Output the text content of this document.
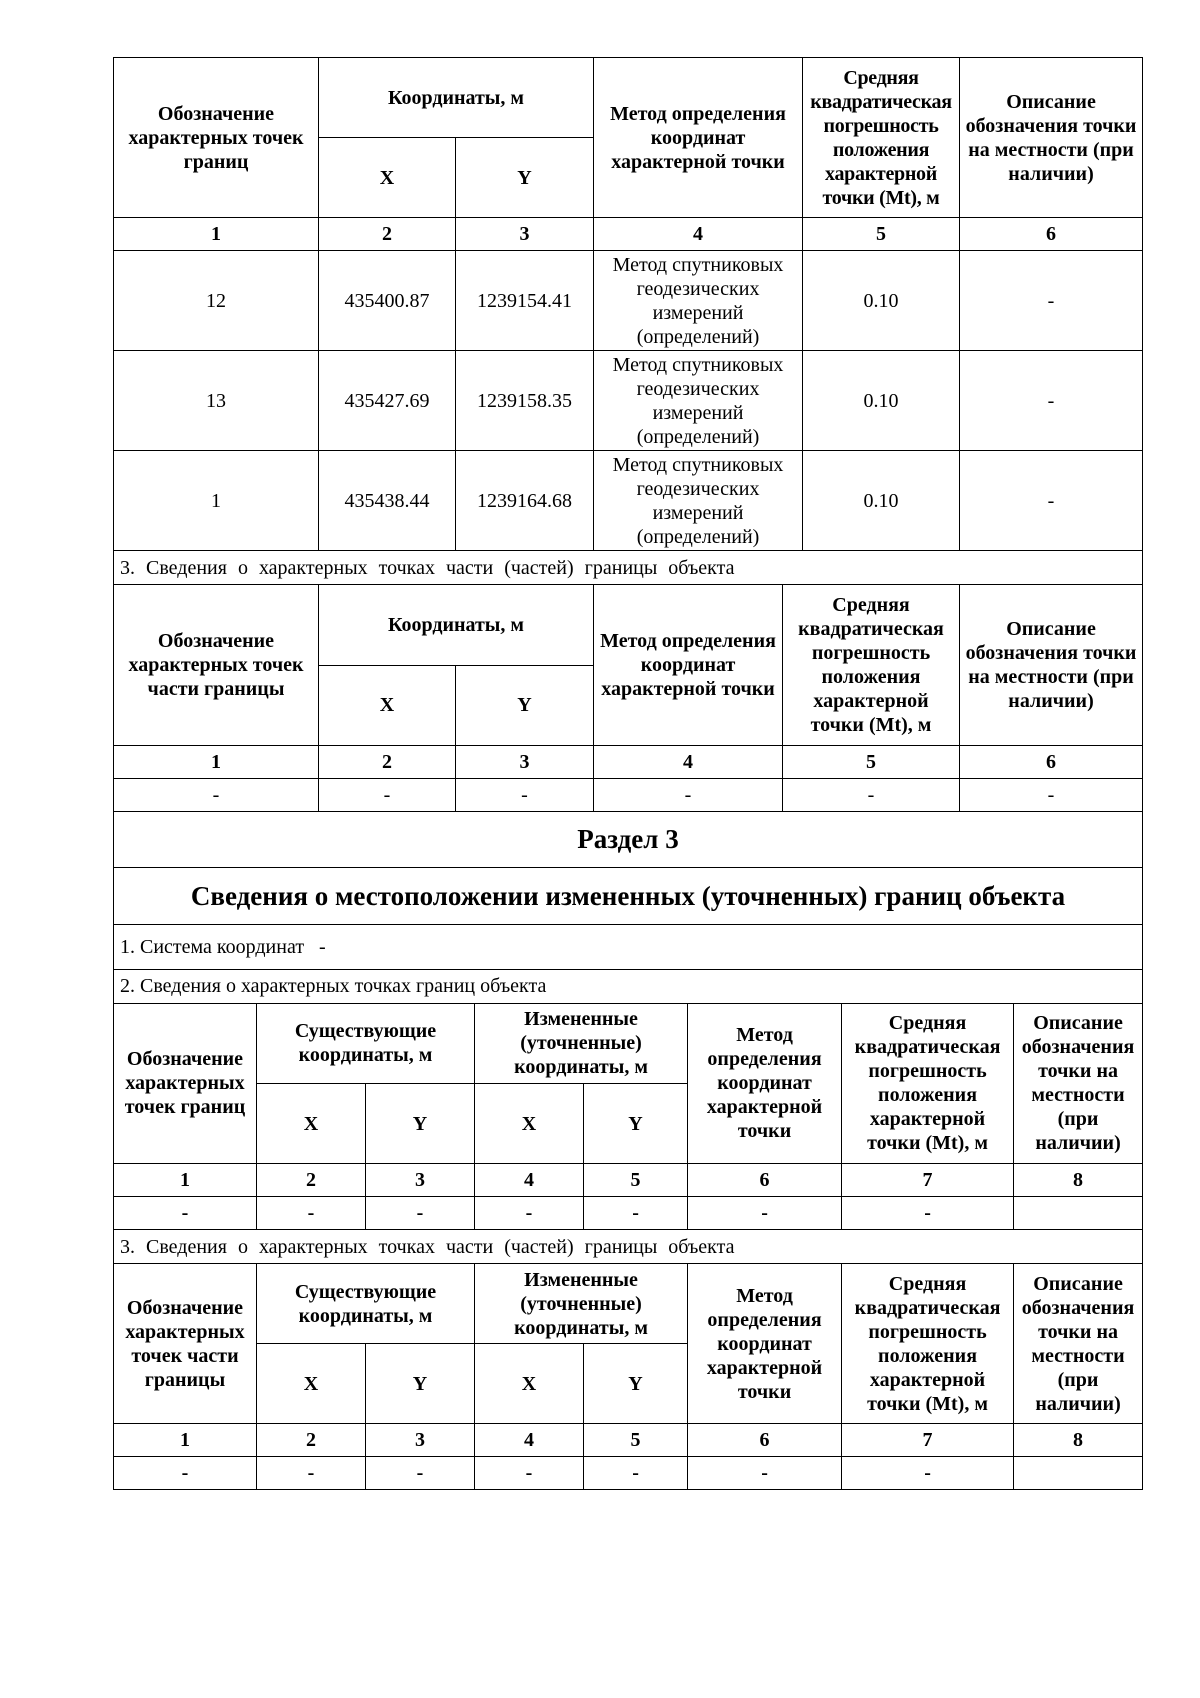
Обозначение характерных точек границ	Координаты, м		Метод определения координат характерной точки	Средняя квадратическая погрешность положения характерной точки (Mt), м	Описание обозначения точки на местности (при наличии)
	X	Y			
1	2	3	4	5	6
12	435400.87	1239154.41	Метод спутниковых геодезических измерений (определений)	0.10	-
13	435427.69	1239158.35	Метод спутниковых геодезических измерений (определений)	0.10	-
1	435438.44	1239164.68	Метод спутниковых геодезических измерений (определений)	0.10	-
3. Сведения о характерных точках части (частей) границы объекта					
Обозначение характерных точек части границы	Координаты, м		Метод определения координат характерной точки	Средняя квадратическая погрешность положения характерной точки (Mt), м	Описание обозначения точки на местности (при наличии)
	X	Y			
1	2	3	4	5	6
-	-	-	-	-	-
Раздел 3					
Сведения о местоположении измененных (уточненных) границ объекта					
1. Система координат   -					
2. Сведения о характерных точках границ объекта					
Обозначение характерных точек границ	Существующие координаты, м		Измененные (уточненные) координаты, м		Метод определения координат характерной точки	Средняя квадратическая погрешность положения характерной точки (Mt), м	Описание обозначения точки на местности (при наличии)
	X	Y	X	Y			
1	2	3	4	5	6	7	8
-	-	-	-	-	-	-	
3. Сведения о характерных точках части (частей) границы объекта							
Обозначение характерных точек части границы	Существующие координаты, м		Измененные (уточненные) координаты, м		Метод определения координат характерной точки	Средняя квадратическая погрешность положения характерной точки (Mt), м	Описание обозначения точки на местности (при наличии)
	X	Y	X	Y			
1	2	3	4	5	6	7	8
-	-	-	-	-	-	-	
